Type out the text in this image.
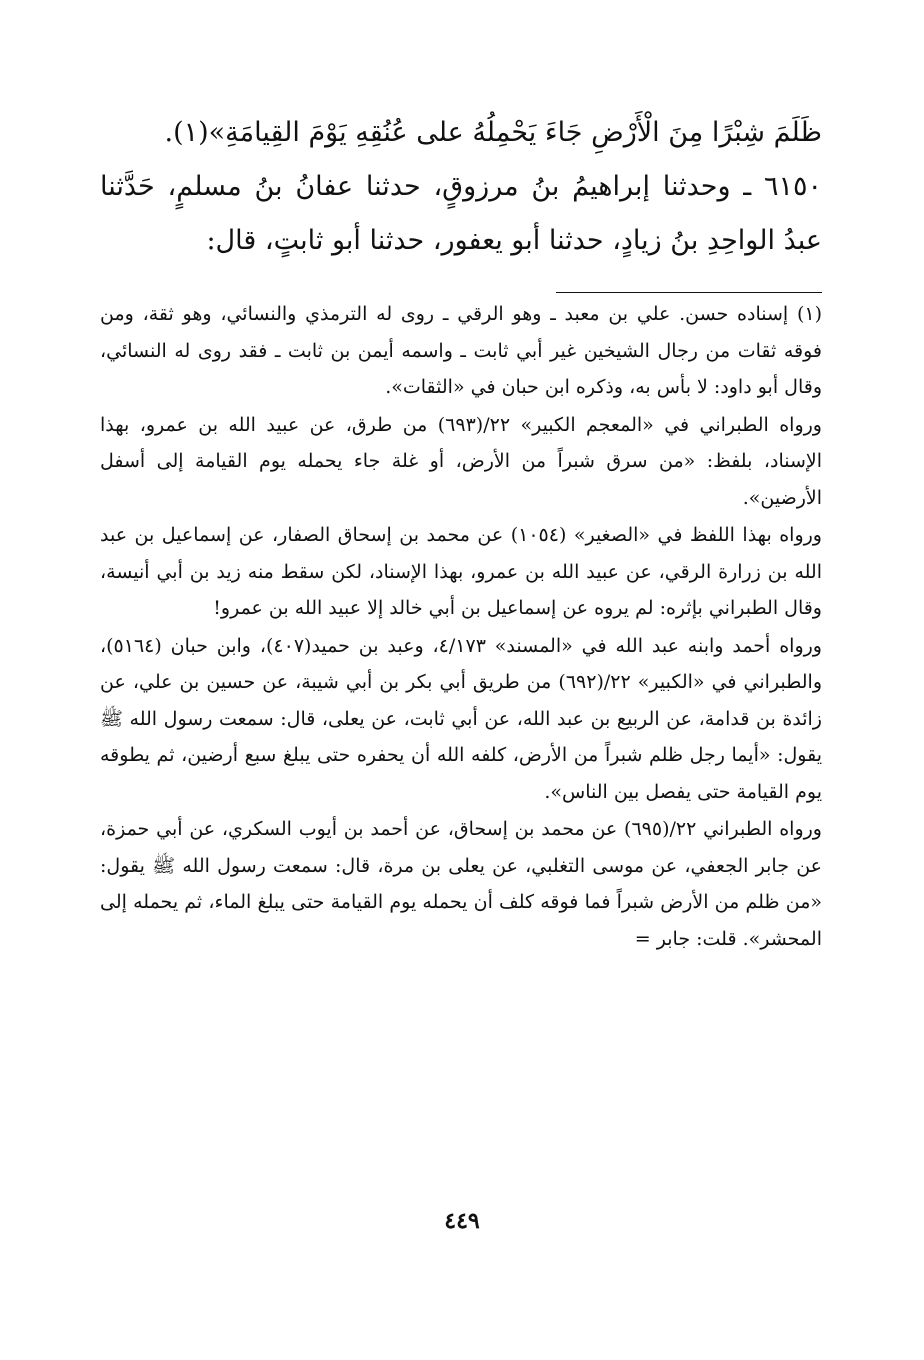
ظَلَمَ شِبْرًا مِنَ الْأَرْضِ جَاءَ يَحْمِلُهُ على عُنُقِهِ يَوْمَ القِيامَةِ»(١).

٦١٥٠ ـ وحدثنا إبراهيمُ بنُ مرزوقٍ، حدثنا عفانُ بنُ مسلمٍ، حَدَّثنا عبدُ الواحِدِ بنُ زيادٍ، حدثنا أبو يعفور، حدثنا أبو ثابتٍ، قال:

(١) إسناده حسن. علي بن معبد ـ وهو الرقي ـ روى له الترمذي والنسائي، وهو ثقة، ومن فوقه ثقات من رجال الشيخين غير أبي ثابت ـ واسمه أيمن بن ثابت ـ فقد روى له النسائي، وقال أبو داود: لا بأس به، وذكره ابن حبان في «الثقات».

ورواه الطبراني في «المعجم الكبير» ٢٢/(٦٩٣) من طرق، عن عبيد الله بن عمرو، بهذا الإسناد، بلفظ: «من سرق شبراً من الأرض، أو غلة جاء يحمله يوم القيامة إلى أسفل الأرضين».

ورواه بهذا اللفظ في «الصغير» (١٠٥٤) عن محمد بن إسحاق الصفار، عن إسماعيل بن عبد الله بن زرارة الرقي، عن عبيد الله بن عمرو، بهذا الإسناد، لكن سقط منه زيد بن أبي أنيسة، وقال الطبراني بإثره: لم يروه عن إسماعيل بن أبي خالد إلا عبيد الله بن عمرو!

ورواه أحمد وابنه عبد الله في «المسند» ٤/١٧٣، وعبد بن حميد(٤٠٧)، وابن حبان (٥١٦٤)، والطبراني في «الكبير» ٢٢/(٦٩٢) من طريق أبي بكر بن أبي شيبة، عن حسين بن علي، عن زائدة بن قدامة، عن الربيع بن عبد الله، عن أبي ثابت، عن يعلى، قال: سمعت رسول الله ﷺ يقول: «أيما رجل ظلم شبراً من الأرض، كلفه الله أن يحفره حتى يبلغ سبع أرضين، ثم يطوقه يوم القيامة حتى يفصل بين الناس».

ورواه الطبراني ٢٢/(٦٩٥) عن محمد بن إسحاق، عن أحمد بن أيوب السكري، عن أبي حمزة، عن جابر الجعفي، عن موسى التغلبي، عن يعلى بن مرة، قال: سمعت رسول الله ﷺ يقول: «من ظلم من الأرض شبراً فما فوقه كلف أن يحمله يوم القيامة حتى يبلغ الماء، ثم يحمله إلى المحشر». قلت: جابر =

٤٤٩
